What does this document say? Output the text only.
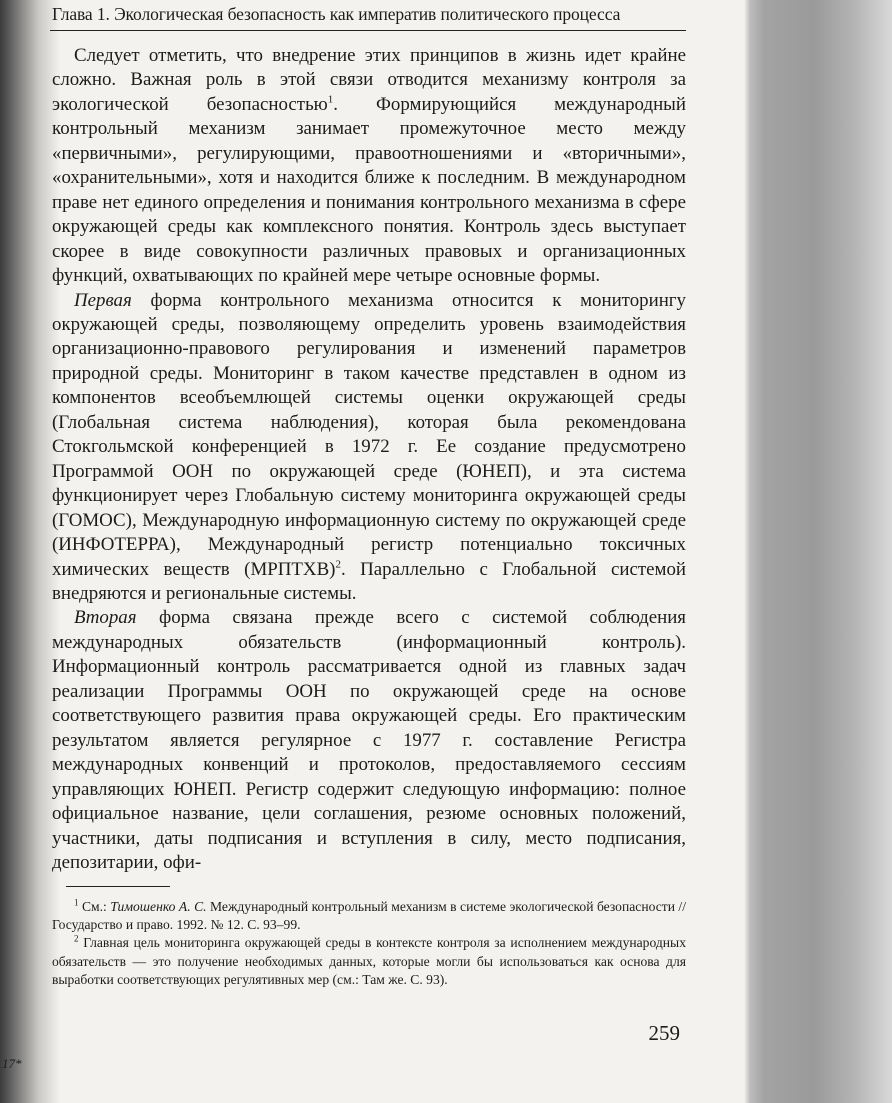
Глава 1. Экологическая безопасность как императив политического процесса

Следует отметить, что внедрение этих принципов в жизнь идет крайне сложно. Важная роль в этой связи отводится механизму контроля за экологической безопасностью$^1$. Формирующийся международный контрольный механизм занимает промежуточное место между «первичными», регулирующими, правоотношениями и «вторичными», «охранительными», хотя и находится ближе к последним. В международном праве нет единого определения и понимания контрольного механизма в сфере окружающей среды как комплексного понятия. Контроль здесь выступает скорее в виде совокупности различных правовых и организационных функций, охватывающих по крайней мере четыре основные формы.

Первая форма контрольного механизма относится к мониторингу окружающей среды, позволяющему определить уровень взаимодействия организационно-правового регулирования и изменений параметров природной среды. Мониторинг в таком качестве представлен в одном из компонентов всеобъемлющей системы оценки окружающей среды (Глобальная система наблюдения), которая была рекомендована Стокгольмской конференцией в 1972 г. Ее создание предусмотрено Программой ООН по окружающей среде (ЮНЕП), и эта система функционирует через Глобальную систему мониторинга окружающей среды (ГОМОС), Международную информационную систему по окружающей среде (ИНФОТЕРРА), Международный регистр потенциально токсичных химических веществ (МРПТХВ)$^2$. Параллельно с Глобальной системой внедряются и региональные системы.

Вторая форма связана прежде всего с системой соблюдения международных обязательств (информационный контроль). Информационный контроль рассматривается одной из главных задач реализации Программы ООН по окружающей среде на основе соответствующего развития права окружающей среды. Его практическим результатом является регулярное с 1977 г. составление Регистра международных конвенций и протоколов, предоставляемого сессиям управляющих ЮНЕП. Регистр содержит следующую информацию: полное официальное название, цели соглашения, резюме основных положений, участники, даты подписания и вступления в силу, место подписания, депозитарии, офи-

$^1$ См.: Тимошенко А. С. Международный контрольный механизм в системе экологической безопасности // Государство и право. 1992. № 12. С. 93–99.

$^2$ Главная цель мониторинга окружающей среды в контексте контроля за исполнением международных обязательств — это получение необходимых данных, которые могли бы использоваться как основа для выработки соответствующих регулятивных мер (см.: Там же. С. 93).

259
17*
